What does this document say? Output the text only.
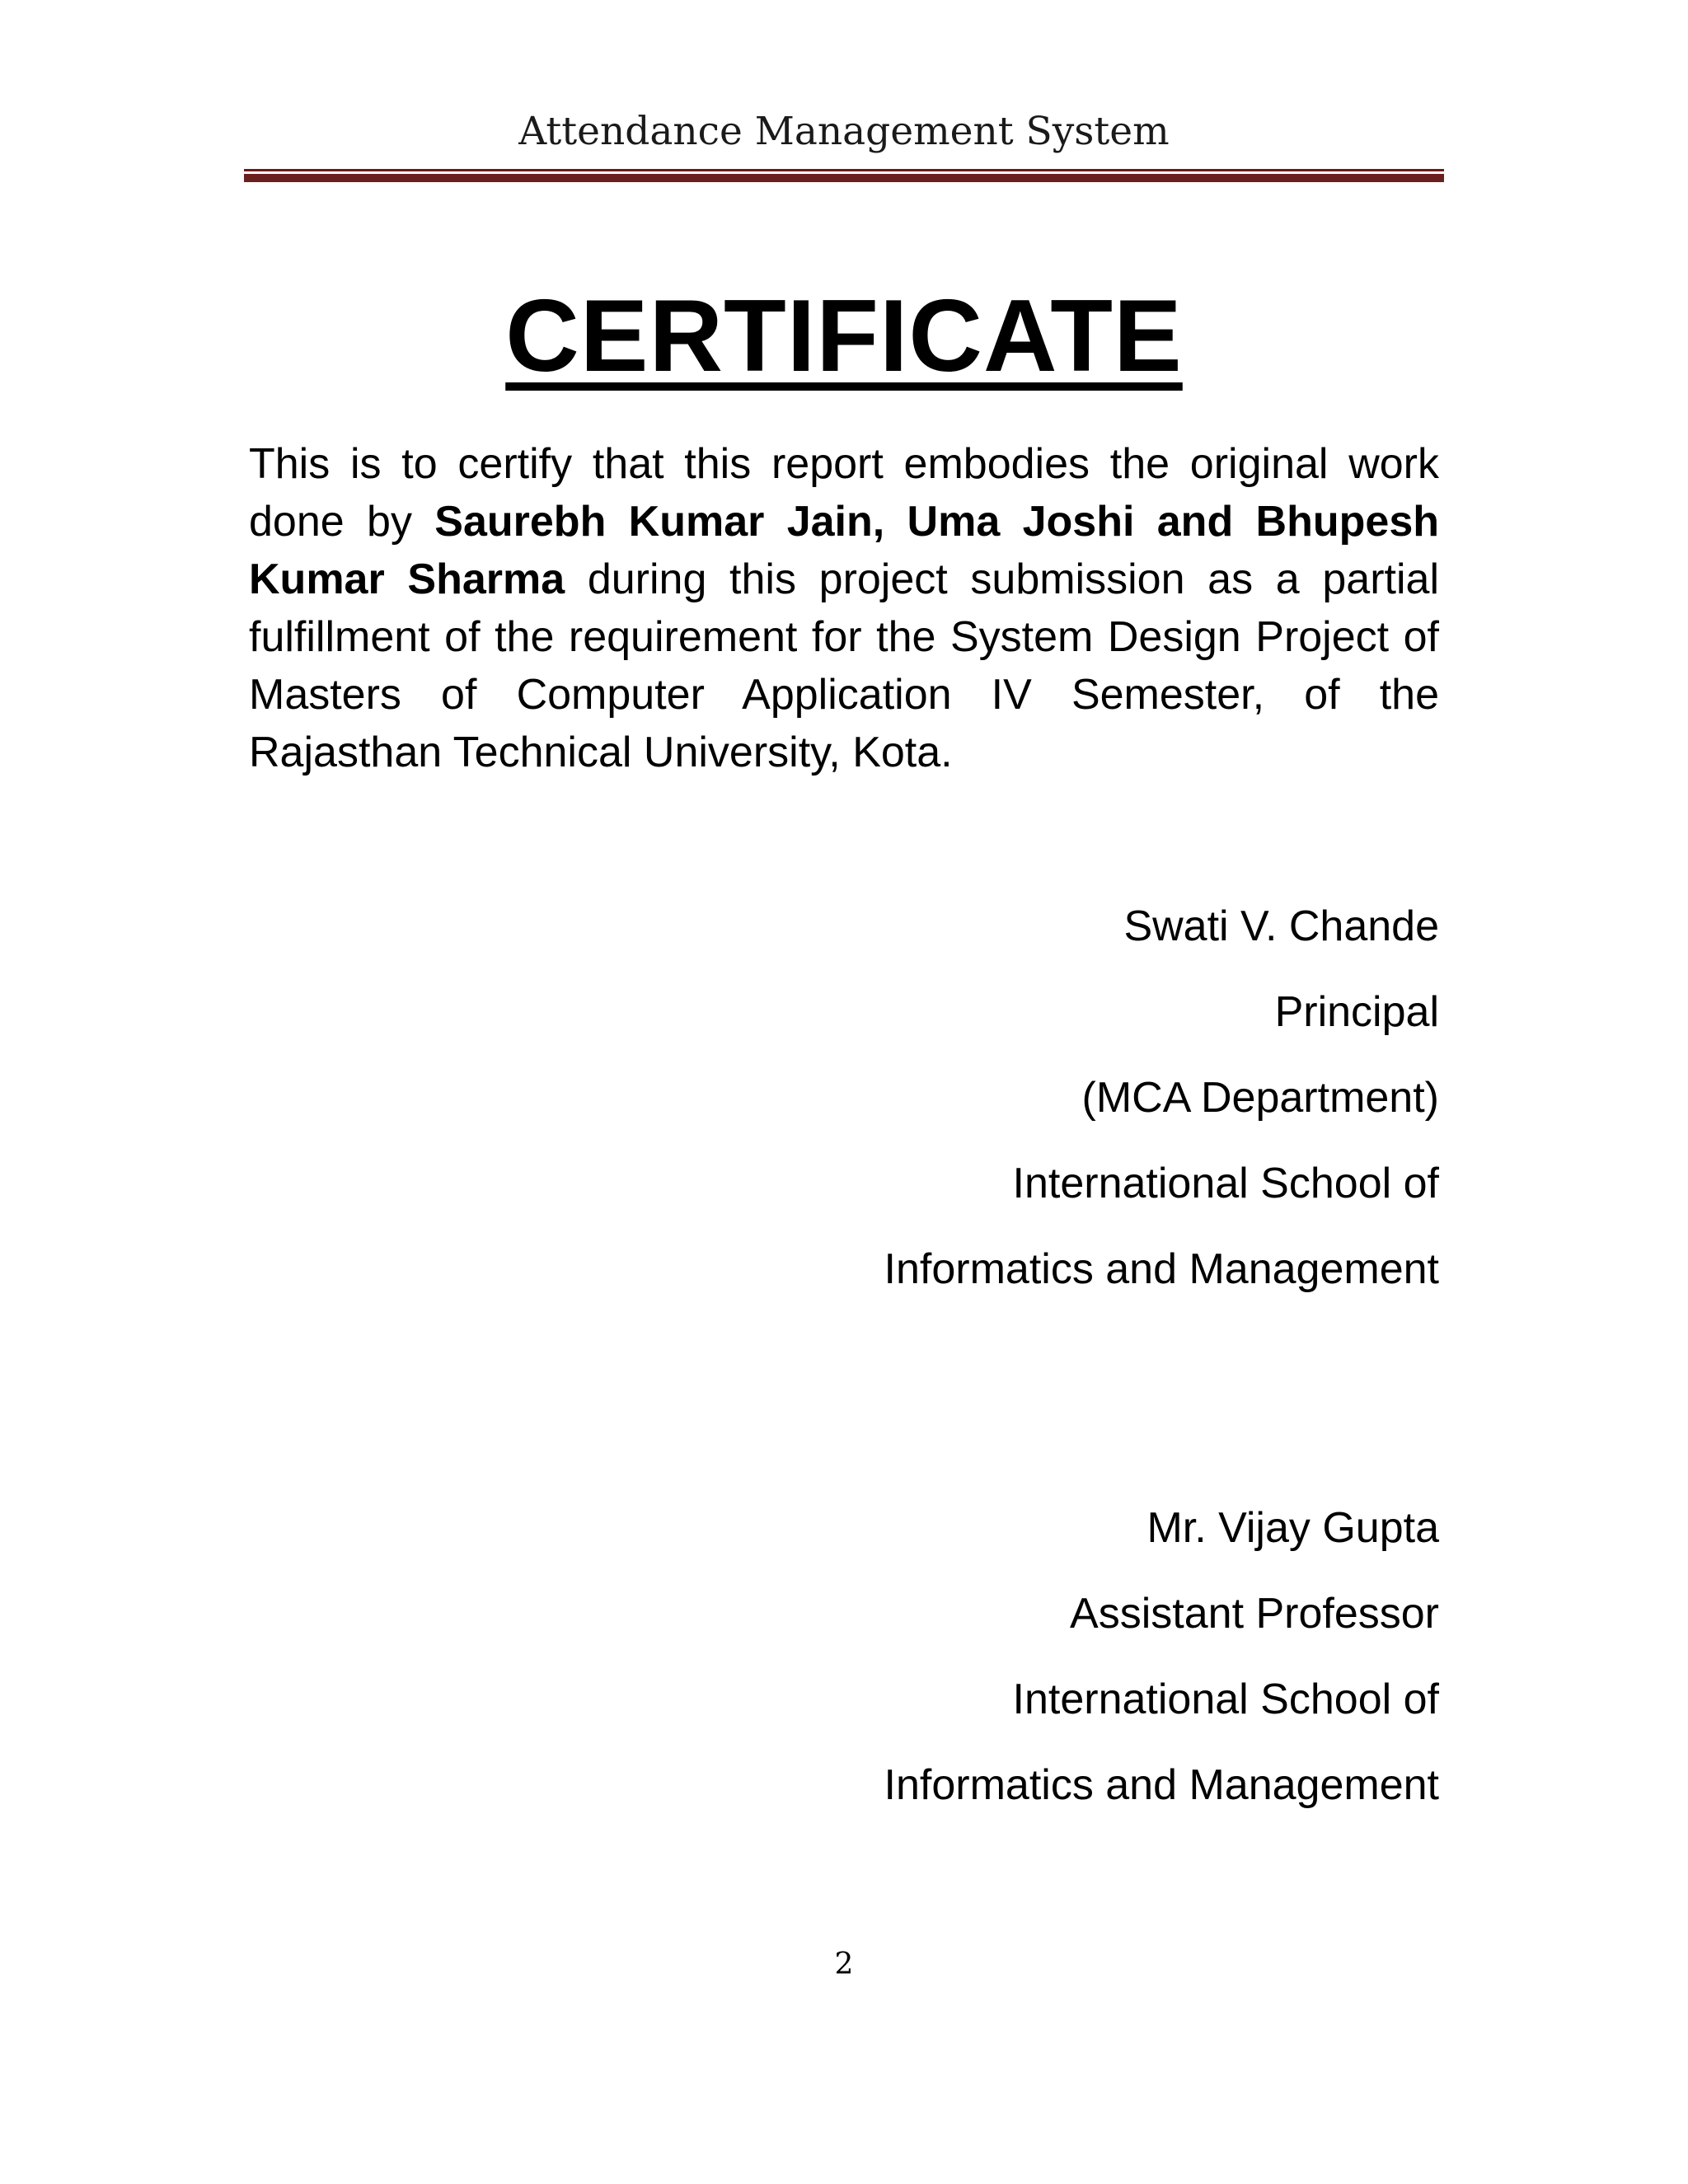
Attendance Management System
CERTIFICATE

This is to certify that this report embodies the original work done by Saurebh Kumar Jain, Uma Joshi and Bhupesh Kumar Sharma during this project submission as a partial fulfillment of the requirement for the System Design Project of Masters of Computer Application IV Semester, of the Rajasthan Technical University, Kota.

Swati V. Chande
Principal
(MCA Department)
International School of
Informatics and Management
Mr. Vijay Gupta
Assistant Professor
International School of
Informatics and Management
2
